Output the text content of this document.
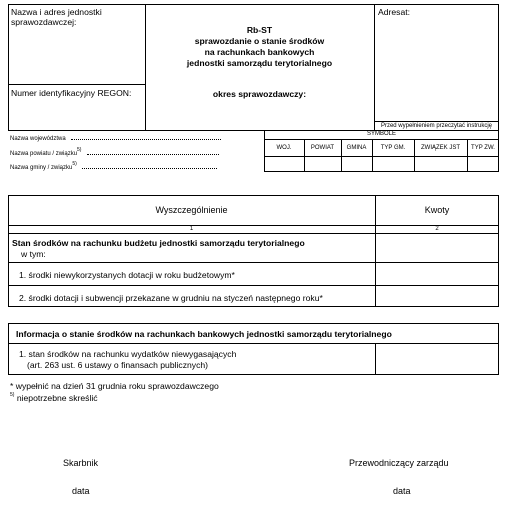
Nazwa i adres jednostki sprawozdawczej:
Numer identyfikacyjny REGON:
Rb-ST
sprawozdanie o stanie środków
na rachunkach bankowych
jednostki samorządu terytorialnego
okres sprawozdawczy:
Adresat:
Przed wypełnieniem przeczytać instrukcję
Nazwa województwa
Nazwa powiatu / związku$^{5)}$
Nazwa gminy / związku$^{5)}$
SYMBOLE
WOJ.	POWIAT	GMINA	TYP GM.	ZWIĄZEK JST	TYP ZW.
Wyszczególnienie	Kwoty
1	2
Stan środków na rachunku budżetu jednostki samorządu terytorialnego
w tym:
1. środki niewykorzystanych dotacji w roku budżetowym*
2. środki dotacji i subwencji przekazane w grudniu na styczeń następnego roku*
Informacja o stanie środków na rachunkach bankowych jednostki samorządu terytorialnego
1. stan środków na rachunku wydatków niewygasających
(art. 263 ust. 6 ustawy o finansach publicznych)
* wypełnić na dzień 31 grudnia roku sprawozdawczego
$^{5)}$ niepotrzebne skreślić
Skarbnik	Przewodniczący zarządu
data	data
